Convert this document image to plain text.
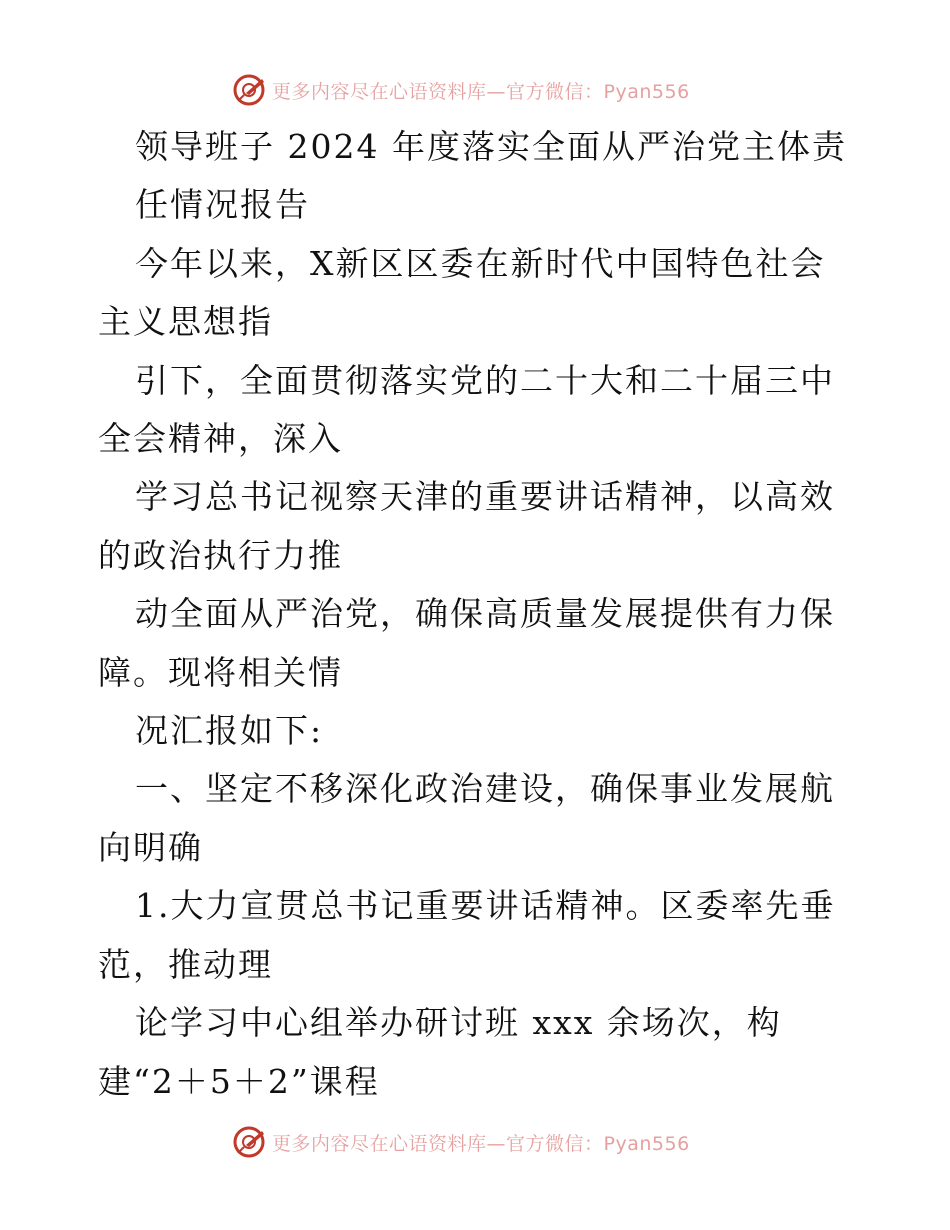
更多内容尽在心语资料库—官方微信：Pyan556

领导班子 2024 年度落实全面从严治党主体责

任情况报告

今年以来，X新区区委在新时代中国特色社会主义思想指

引下，全面贯彻落实党的二十大和二十届三中全会精神，深入

学习总书记视察天津的重要讲话精神，以高效的政治执行力推

动全面从严治党，确保高质量发展提供有力保障。现将相关情

况汇报如下:

一、坚定不移深化政治建设，确保事业发展航向明确

1.大力宣贯总书记重要讲话精神。区委率先垂范，推动理

论学习中心组举办研讨班 xxx 余场次，构建“2＋5＋2”课程

更多内容尽在心语资料库—官方微信：Pyan556
